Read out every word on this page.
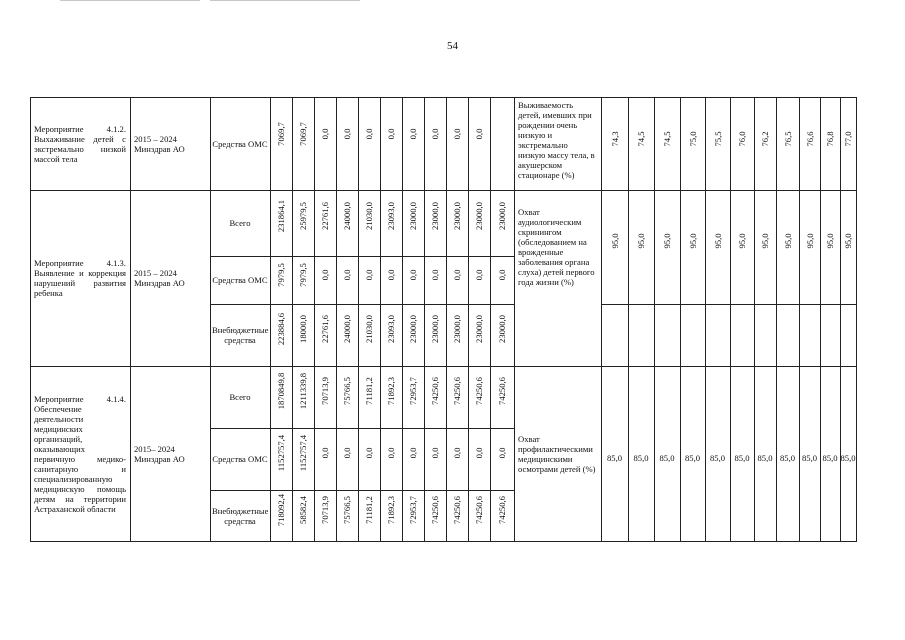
54
Мероприятие 4.1.2. Выхаживание детей с экстремально низкой массой тела
2015 – 2024 Минздрав АО	Средства ОМС 7069,7 7069,7 0,0 0,0 0,0 0,0 0,0 0,0 0,0 0,0
Выживаемость детей, имевших при рождении очень низкую и экстремально низкую массу тела, в акушерском стационаре (%)
74,3 74,5 74,5 75,0 75,5 76,0 76,2 76,5 76,6 76,8 77,0
Мероприятие 4.1.3. Выявление и коррекция нарушений развития ребенка
2015 – 2024 Минздрав АО
Всего	231864,1 25979,5 22761,6 24000,0 21030,0 23093,0 23000,0 23000,0 23000,0 23000,0 23000,0
Средства ОМС 7979,5 7979,5 0,0 0,0 0,0 0,0 0,0 0,0 0,0 0,0 0,0
Внебюджетные средства	223884,6 18000,0 22761,6 24000,0 21030,0 23093,0 23000,0 23000,0 23000,0 23000,0 23000,0
Охват аудиологическим скринингом (обследованием на врожденные заболевания органа слуха) детей первого года жизни (%)
95,0 95,0 95,0 95,0 95,0 95,0 95,0 95,0 95,0 95,0 95,0
Мероприятие 4.1.4. Обеспечение деятельности медицинских организаций, оказывающих первичную медико-санитарную и специализированную медицинскую помощь детям на территории Астраханской области
2015– 2024 Минздрав АО
Всего	1870849,8 1211339,8 70713,9 75766,5 71181,2 71892,3 72953,7 74250,6 74250,6 74250,6 74250,6
Средства ОМС 1152757,4 1152757,4 0,0 0,0 0,0 0,0 0,0 0,0 0,0 0,0 0,0
Внебюджетные средства	718092,4 58582,4 70713,9 75766,5 71181,2 71892,3 72953,7 74250,6 74250,6 74250,6 74250,6
Охват профилактическими медицинскими осмотрами детей (%)
85,0 85,0 85,0 85,0 85,0 85,0 85,0 85,0 85,0 85,0 85,0
